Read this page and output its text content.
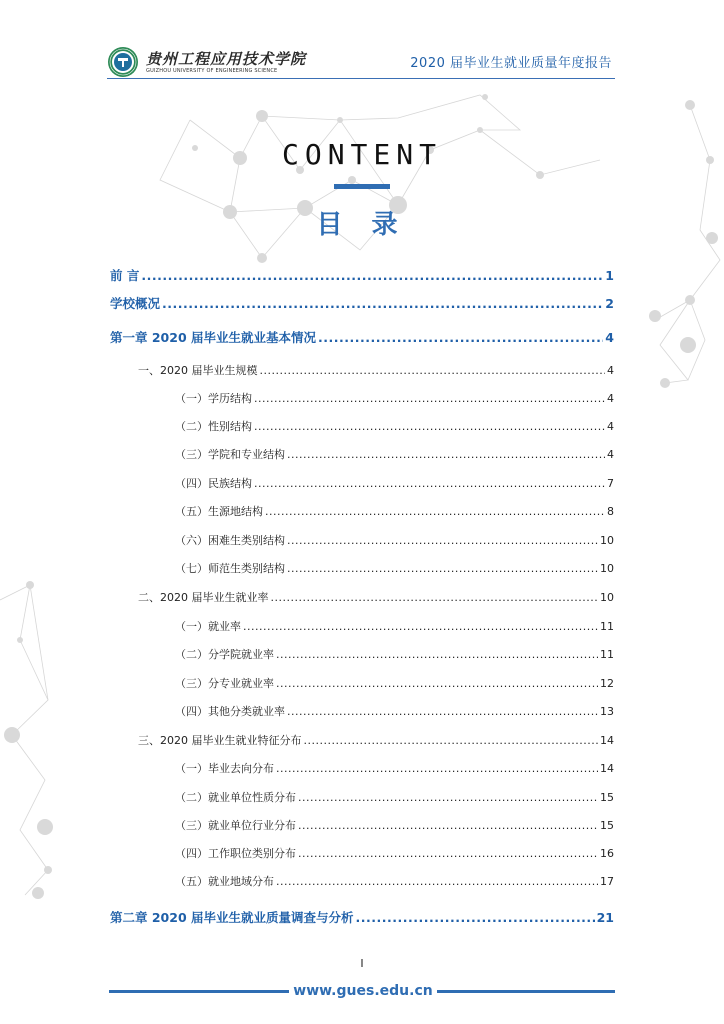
贵州工程应用技术学院
GUIZHOU UNIVERSITY OF ENGINEERING SCIENCE	2020 届毕业生就业质量年度报告
CONTENT
目 录
前 言 .....	1
学校概况 .....	2
第一章 2020 届毕业生就业基本情况 .....	4
一、2020 届毕业生规模 .....	4
（一）学历结构 .....	4
（二）性别结构 .....	4
（三）学院和专业结构 .....	4
（四）民族结构 .....	7
（五）生源地结构 .....	8
（六）困难生类别结构 .....	10
（七）师范生类别结构 .....	10
二、2020 届毕业生就业率 .....	10
（一）就业率 .....	11
（二）分学院就业率 .....	11
（三）分专业就业率 .....	12
（四）其他分类就业率 .....	13
三、2020 届毕业生就业特征分布 .....	14
（一）毕业去向分布 .....	14
（二）就业单位性质分布 .....	15
（三）就业单位行业分布 .....	15
（四）工作职位类别分布 .....	16
（五）就业地域分布 .....	17
第二章 2020 届毕业生就业质量调查与分析 .....	21
I
www.gues.edu.cn
